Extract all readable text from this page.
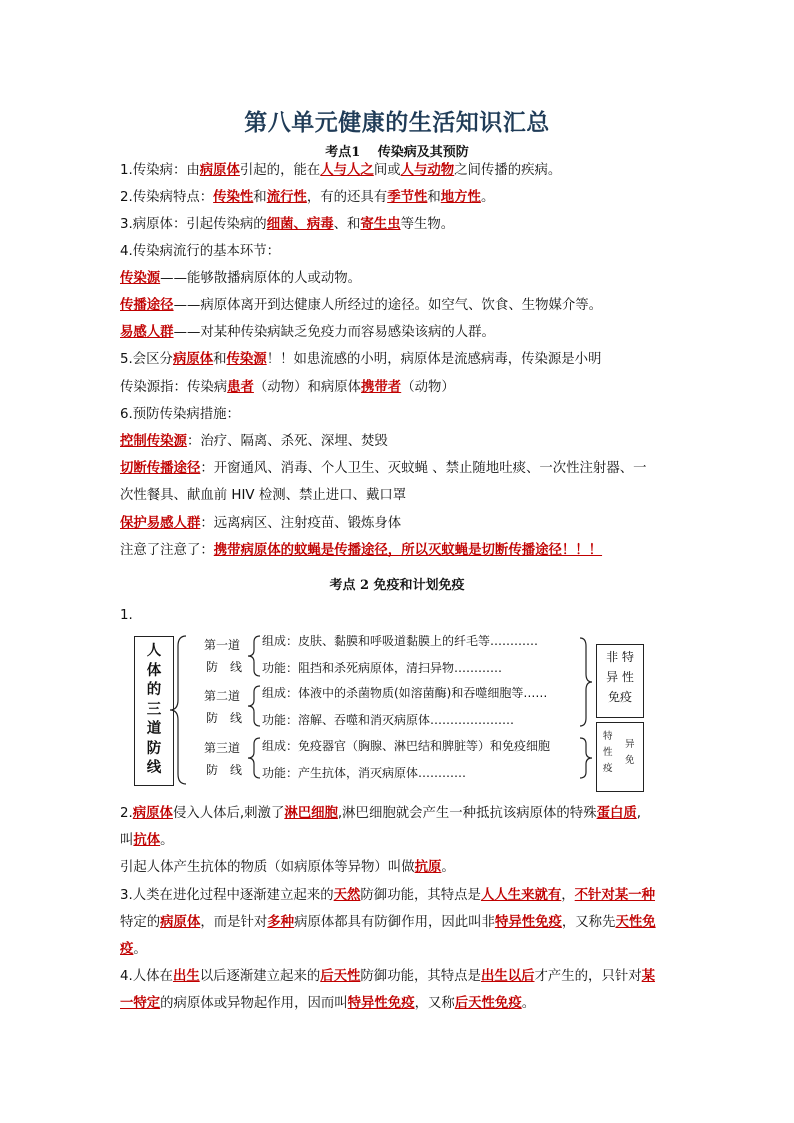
第八单元健康的生活知识汇总
考点1　 传染病及其预防
1.传染病：由病原体引起的，能在人与人之间或人与动物之间传播的疾病。
2.传染病特点：传染性和流行性，有的还具有季节性和地方性。
3.病原体：引起传染病的细菌、病毒、和寄生虫等生物。
4.传染病流行的基本环节：
传染源——能够散播病原体的人或动物。
传播途径——病原体离开到达健康人所经过的途径。如空气、饮食、生物媒介等。
易感人群——对某种传染病缺乏免疫力而容易感染该病的人群。
5.会区分病原体和传染源！！如患流感的小明，病原体是流感病毒，传染源是小明
传染源指：传染病患者（动物）和病原体携带者（动物）
6.预防传染病措施：
控制传染源：治疗、隔离、杀死、深埋、焚毁
切断传播途径：开窗通风、消毒、个人卫生、灭蚊蝇 、禁止随地吐痰、一次性注射器、一
次性餐具、献血前 HIV 检测、禁止进口、戴口罩
保护易感人群：远离病区、注射疫苗、锻炼身体
注意了注意了：携带病原体的蚊蝇是传播途径，所以灭蚊蝇是切断传播途径！！！
考点 2 免疫和计划免疫
1.
人
体
的
三
道
防
线
第一道
防　线
组成：皮肤、黏膜和呼吸道黏膜上的纤毛等…………
功能：阻挡和杀死病原体，清扫异物…………
第二道
防　线
组成：体液中的杀菌物质(如溶菌酶)和吞噬细胞等……
功能：溶解、吞噬和消灭病原体…………………
第三道
防　线
组成：免疫器官（胸腺、淋巴结和脾脏等）和免疫细胞
功能：产生抗体，消灭病原体…………
非 特
异 性
免疫
特
性
疫
异
免
2.病原体侵入人体后,刺激了淋巴细胞,淋巴细胞就会产生一种抵抗该病原体的特殊蛋白质,
叫抗体。
引起人体产生抗体的物质（如病原体等异物）叫做抗原。
3.人类在进化过程中逐渐建立起来的天然防御功能，其特点是人人生来就有，不针对某一种
特定的病原体，而是针对多种病原体都具有防御作用，因此叫非特异性免疫，又称先天性免
疫。
4.人体在出生以后逐渐建立起来的后天性防御功能，其特点是出生以后才产生的，只针对某
一特定的病原体或异物起作用，因而叫特异性免疫，又称后天性免疫。
